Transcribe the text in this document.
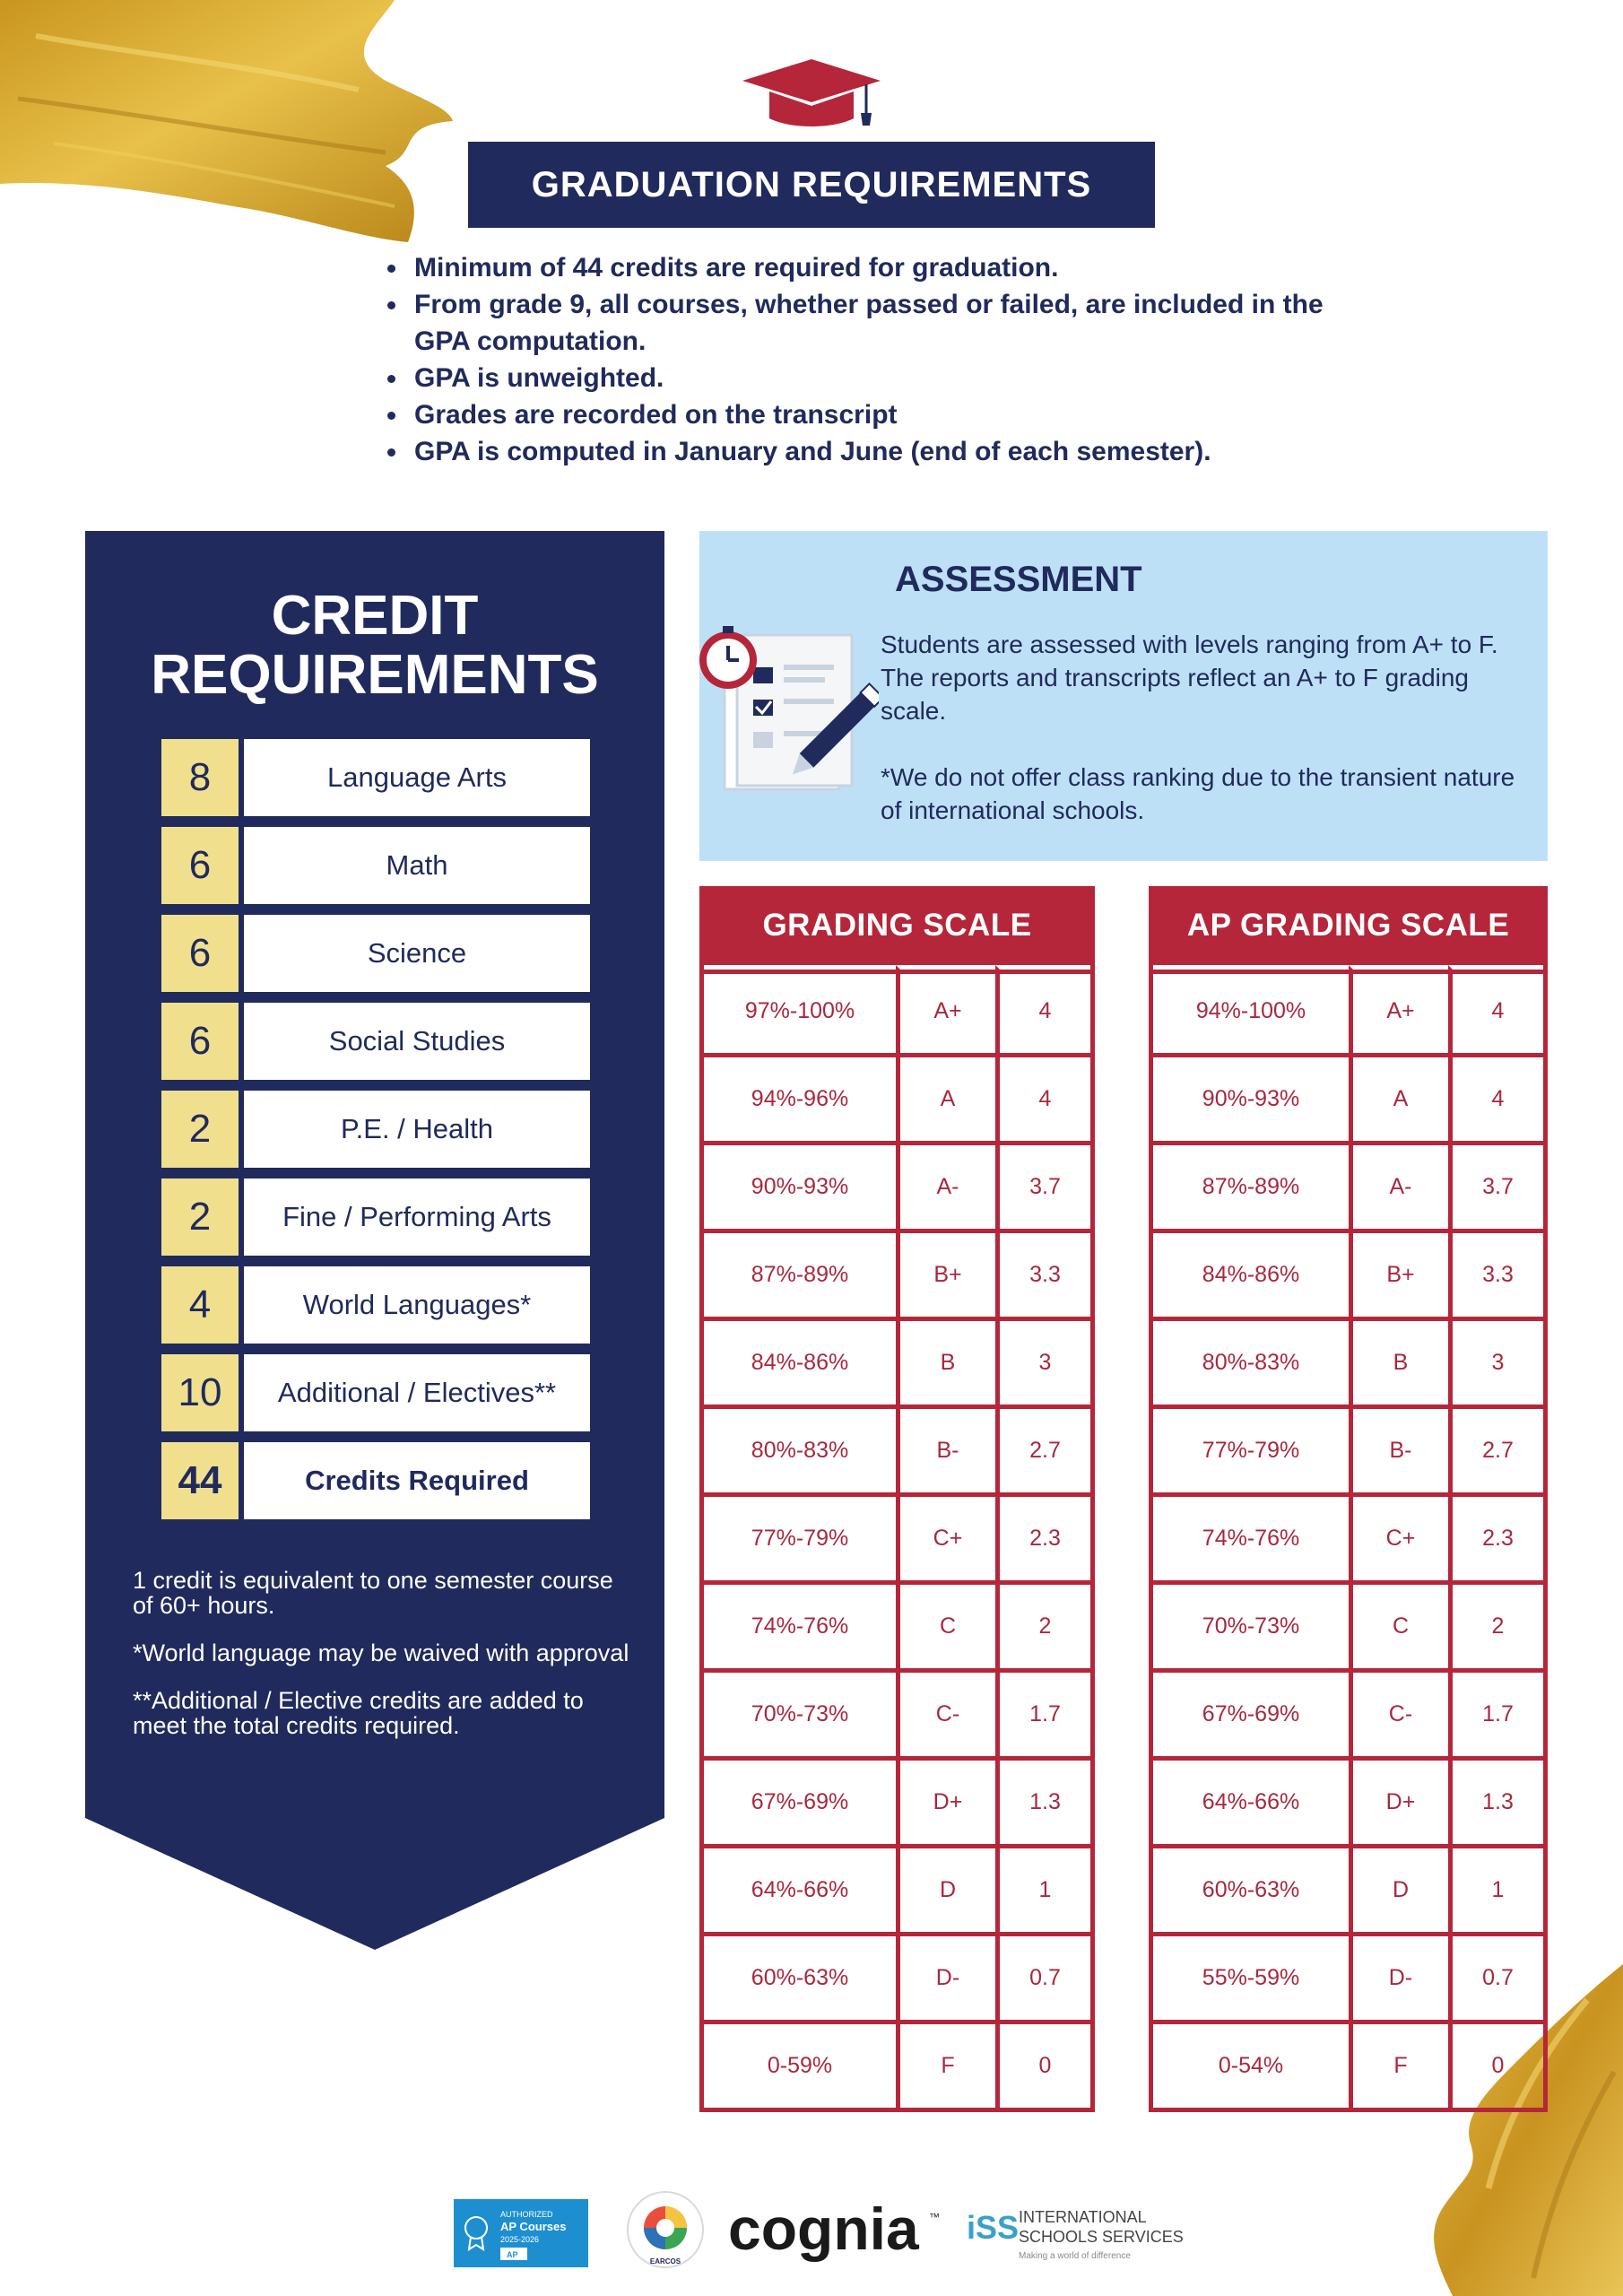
GRADUATION REQUIREMENTS
• Minimum of 44 credits are required for graduation.
• From grade 9, all courses, whether passed or failed, are included in the GPA computation.
• GPA is unweighted.
• Grades are recorded on the transcript
• GPA is computed in January and June (end of each semester).
CREDIT
REQUIREMENTS
8	Language Arts
6	Math
6	Science
6	Social Studies
2	P.E. / Health
2	Fine / Performing Arts
4	World Languages*
10	Additional / Electives**
44	Credits Required

1 credit is equivalent to one semester course of 60+ hours.

*World language may be waived with approval

**Additional / Elective credits are added to meet the total credits required.

ASSESSMENT

Students are assessed with levels ranging from A+ to F. The reports and transcripts reflect an A+ to F grading scale.

*We do not offer class ranking due to the transient nature of international schools.

GRADING SCALE
97%-100%	A+	4
94%-96%	A	4
90%-93%	A-	3.7
87%-89%	B+	3.3
84%-86%	B	3
80%-83%	B-	2.7
77%-79%	C+	2.3
74%-76%	C	2
70%-73%	C-	1.7
67%-69%	D+	1.3
64%-66%	D	1
60%-63%	D-	0.7
0-59%	F	0
AP GRADING SCALE
94%-100%	A+	4
90%-93%	A	4
87%-89%	A-	3.7
84%-86%	B+	3.3
80%-83%	B	3
77%-79%	B-	2.7
74%-76%	C+	2.3
70%-73%	C	2
67%-69%	C-	1.7
64%-66%	D+	1.3
60%-63%	D	1
55%-59%	D-	0.7
0-54%	F	0
AUTHORIZED
AP Courses
2025-2026
AP
EARCOS cognia ™ iSS INTERNATIONAL
SCHOOLS SERVICES
Making a world of difference
